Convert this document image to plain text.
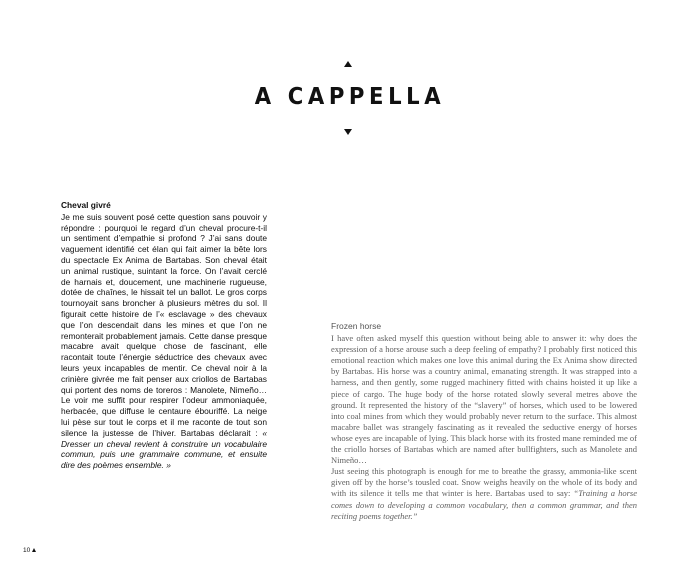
A CAPPELLA
Cheval givré
Je me suis souvent posé cette question sans pouvoir y répondre : pourquoi le regard d’un cheval procure-t-il un sentiment d’empathie si profond ? J’ai sans doute vaguement identifié cet élan qui fait aimer la bête lors du spectacle Ex Anima de Bartabas. Son cheval était un animal rustique, suintant la force. On l’avait cerclé de harnais et, doucement, une machinerie rugueuse, dotée de chaînes, le hissait tel un ballot. Le gros corps tournoyait sans broncher à plusieurs mètres du sol. Il figurait cette histoire de l’« esclavage » des chevaux que l’on descendait dans les mines et que l’on ne remonterait probablement jamais. Cette danse presque macabre avait quelque chose de fascinant, elle racontait toute l’énergie séductrice des chevaux avec leurs yeux incapables de mentir. Ce cheval noir à la crinière givrée me fait penser aux criollos de Bartabas qui portent des noms de toreros : Manolete, Nimeño… Le voir me suffit pour respirer l’odeur ammoniaquée, herbacée, que diffuse le centaure ébouriffé. La neige lui pèse sur tout le corps et il me raconte de tout son silence la justesse de l’hiver. Bartabas déclarait : « Dresser un cheval revient à construire un vocabulaire commun, puis une grammaire commune, et ensuite dire des poèmes ensemble. »
Frozen horse
I have often asked myself this question without being able to answer it: why does the expression of a horse arouse such a deep feeling of empathy? I probably first noticed this emotional reaction which makes one love this animal during the Ex Anima show directed by Bartabas. His horse was a country animal, emanating strength. It was strapped into a harness, and then gently, some rugged machinery fitted with chains hoisted it up like a piece of cargo. The huge body of the horse rotated slowly several metres above the ground. It represented the history of the “slavery” of horses, which used to be lowered into coal mines from which they would probably never return to the surface. This almost macabre ballet was strangely fascinating as it revealed the seductive energy of horses whose eyes are incapable of lying. This black horse with its frosted mane reminded me of the criollo horses of Bartabas which are named after bullfighters, such as Manolete and Nimeño…
Just seeing this photograph is enough for me to breathe the grassy, ammonia-like scent given off by the horse’s tousled coat. Snow weighs heavily on the whole of its body and with its silence it tells me that winter is here. Bartabas used to say: “Training a horse comes down to developing a common vocabulary, then a common grammar, and then reciting poems together.”
10
